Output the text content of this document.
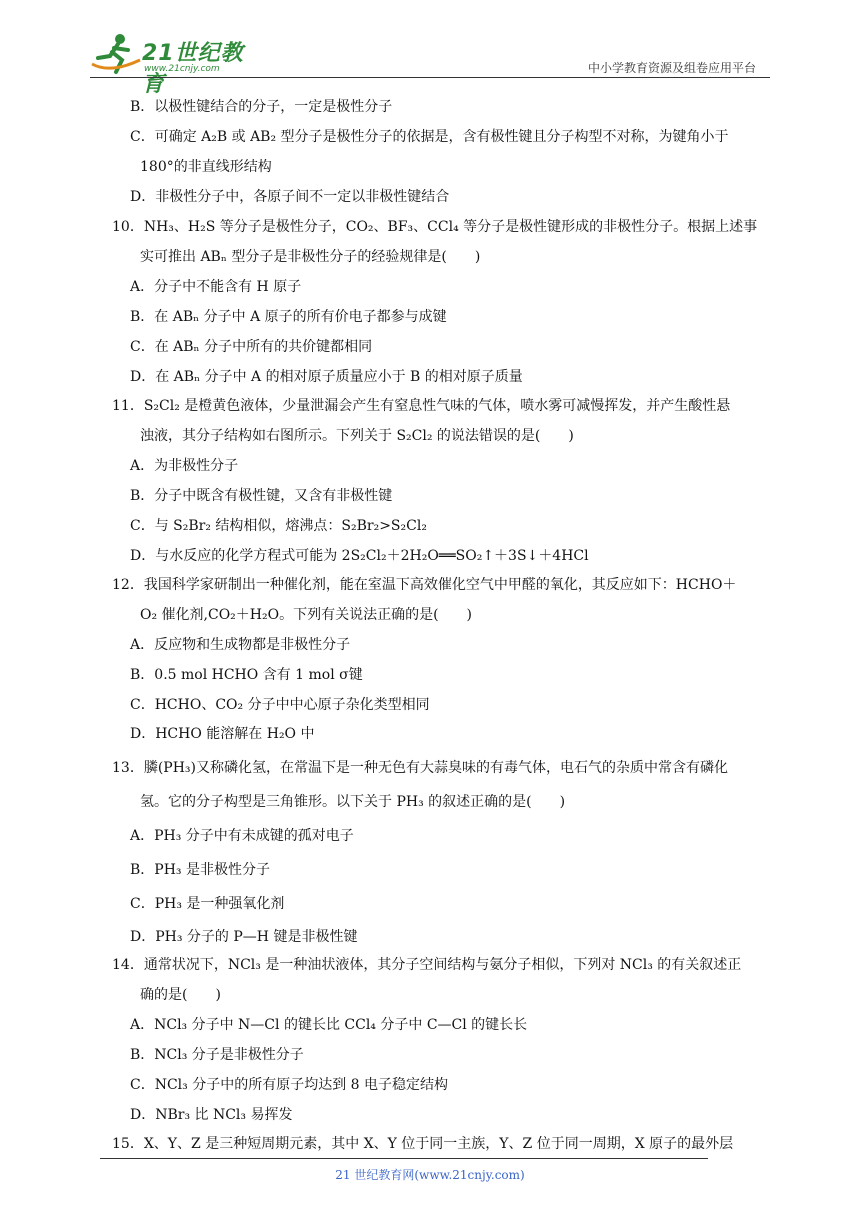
21世纪教育
www.21cnjy.com	中小学教育资源及组卷应用平台
B．以极性键结合的分子，一定是极性分子
C．可确定 A₂B 或 AB₂ 型分子是极性分子的依据是，含有极性键且分子构型不对称，为键角小于
180°的非直线形结构
D．非极性分子中，各原子间不一定以非极性键结合
10．NH₃、H₂S 等分子是极性分子，CO₂、BF₃、CCl₄ 等分子是极性键形成的非极性分子。根据上述事
实可推出 ABₙ 型分子是非极性分子的经验规律是(　　)
A．分子中不能含有 H 原子
B．在 ABₙ 分子中 A 原子的所有价电子都参与成键
C．在 ABₙ 分子中所有的共价键都相同
D．在 ABₙ 分子中 A 的相对原子质量应小于 B 的相对原子质量
11．S₂Cl₂ 是橙黄色液体，少量泄漏会产生有窒息性气味的气体，喷水雾可减慢挥发，并产生酸性悬
浊液，其分子结构如右图所示。下列关于 S₂Cl₂ 的说法错误的是(　　)
A．为非极性分子
B．分子中既含有极性键，又含有非极性键
C．与 S₂Br₂ 结构相似，熔沸点：S₂Br₂>S₂Cl₂
D．与水反应的化学方程式可能为 2S₂Cl₂＋2H₂O══SO₂↑＋3S↓＋4HCl
12．我国科学家研制出一种催化剂，能在室温下高效催化空气中甲醛的氧化，其反应如下：HCHO＋
O₂ 催化剂,CO₂＋H₂O。下列有关说法正确的是(　　)
A．反应物和生成物都是非极性分子
B．0.5 mol HCHO 含有 1 mol σ键
C．HCHO、CO₂ 分子中中心原子杂化类型相同
D．HCHO 能溶解在 H₂O 中
13．膦(PH₃)又称磷化氢，在常温下是一种无色有大蒜臭味的有毒气体，电石气的杂质中常含有磷化
氢。它的分子构型是三角锥形。以下关于 PH₃ 的叙述正确的是(　　)
A．PH₃ 分子中有未成键的孤对电子
B．PH₃ 是非极性分子
C．PH₃ 是一种强氧化剂
D．PH₃ 分子的 P—H 键是非极性键
14．通常状况下，NCl₃ 是一种油状液体，其分子空间结构与氨分子相似，下列对 NCl₃ 的有关叙述正
确的是(　　)
A．NCl₃ 分子中 N—Cl 的键长比 CCl₄ 分子中 C—Cl 的键长长
B．NCl₃ 分子是非极性分子
C．NCl₃ 分子中的所有原子均达到 8 电子稳定结构
D．NBr₃ 比 NCl₃ 易挥发
15．X、Y、Z 是三种短周期元素，其中 X、Y 位于同一主族，Y、Z 位于同一周期，X 原子的最外层
21 世纪教育网(www.21cnjy.com)
